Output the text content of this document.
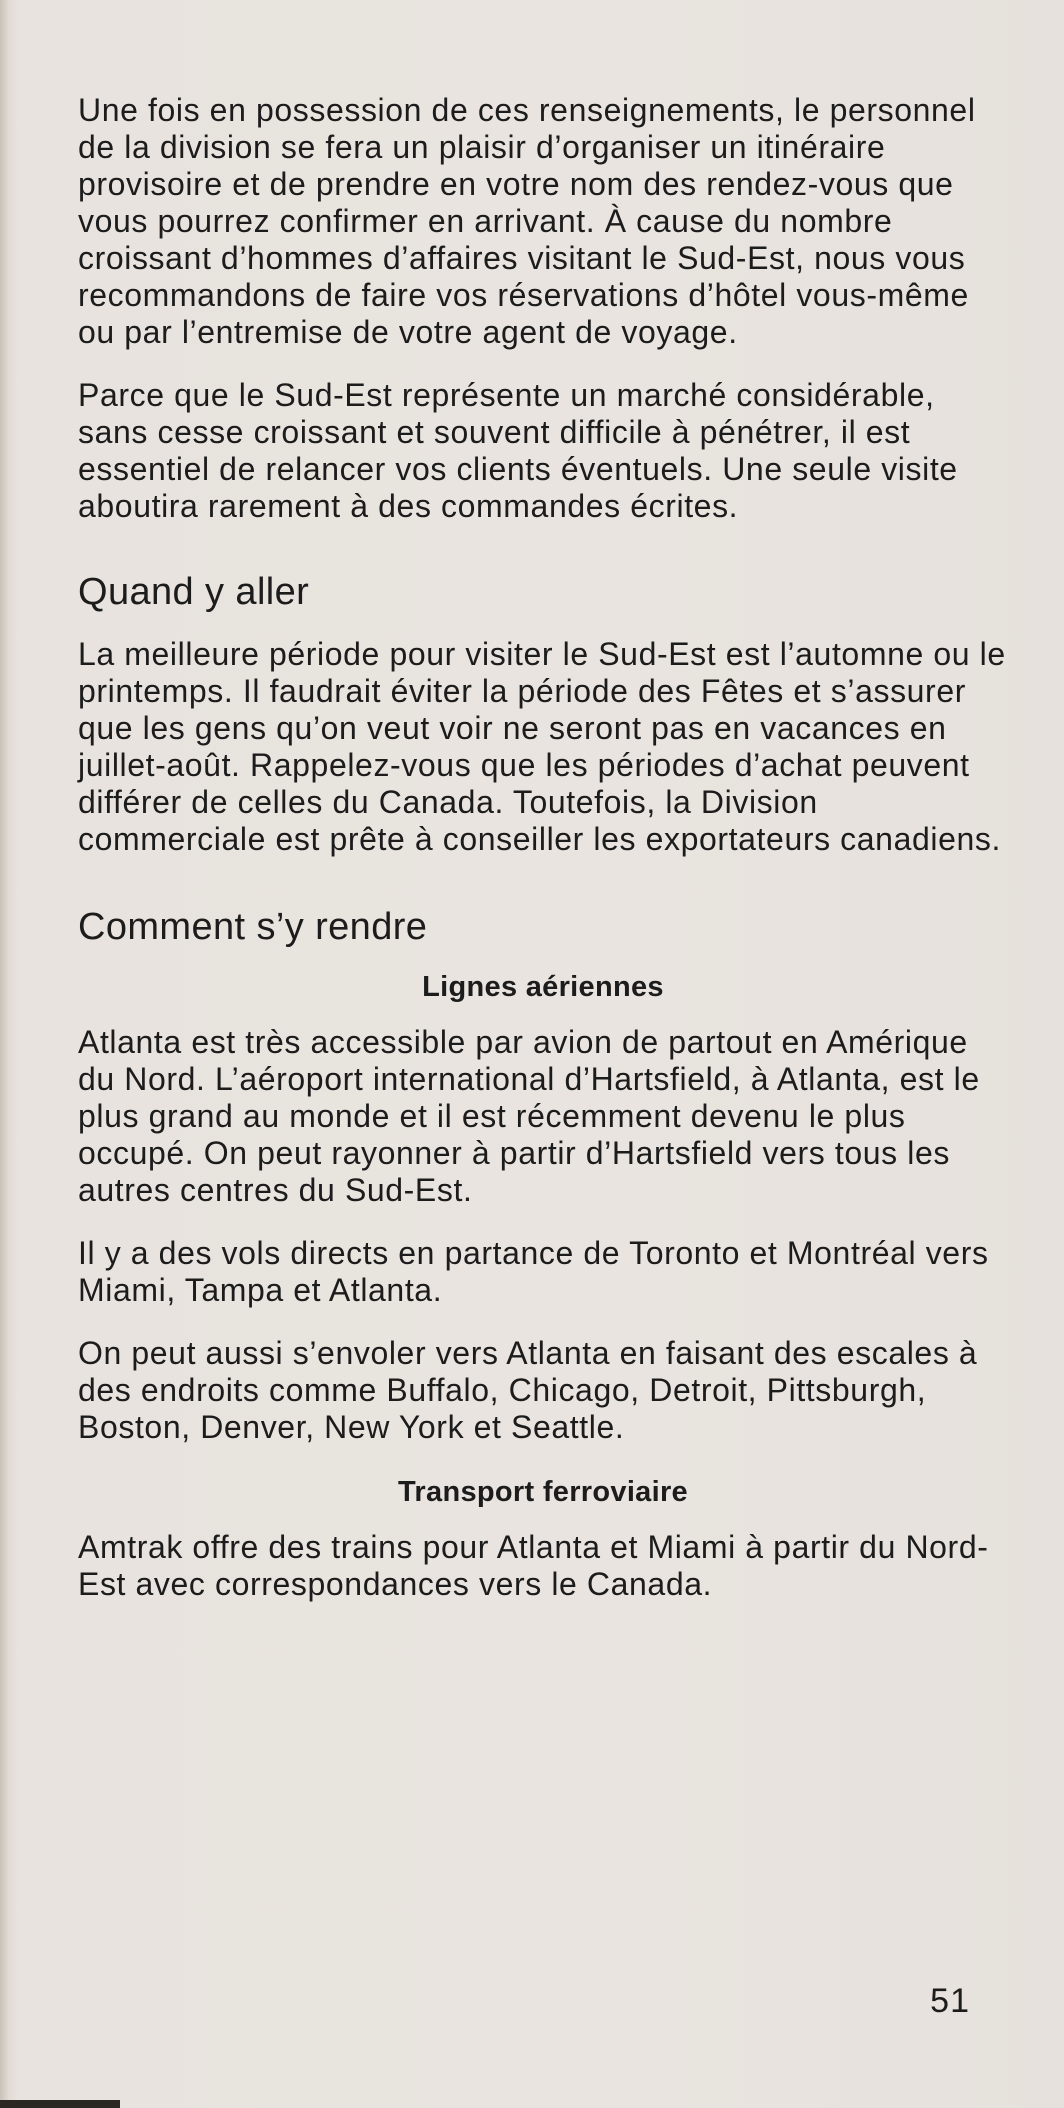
Une fois en possession de ces renseignements, le personnel de la division se fera un plaisir d’organiser un itinéraire provisoire et de prendre en votre nom des rendez-vous que vous pourrez confirmer en arrivant. À cause du nombre croissant d’hommes d’affaires visitant le Sud-Est, nous vous recommandons de faire vos réservations d’hôtel vous-même ou par l’entremise de votre agent de voyage.

Parce que le Sud-Est représente un marché considérable, sans cesse croissant et souvent difficile à pénétrer, il est essentiel de relancer vos clients éventuels. Une seule visite aboutira rarement à des commandes écrites.

Quand y aller

La meilleure période pour visiter le Sud-Est est l’automne ou le printemps. Il faudrait éviter la période des Fêtes et s’assurer que les gens qu’on veut voir ne seront pas en vacances en juillet-août. Rappelez-vous que les périodes d’achat peuvent différer de celles du Canada. Toutefois, la Division commerciale est prête à conseiller les exportateurs canadiens.

Comment s’y rendre
Lignes aériennes

Atlanta est très accessible par avion de partout en Amérique du Nord. L’aéroport international d’Hartsfield, à Atlanta, est le plus grand au monde et il est récemment devenu le plus occupé. On peut rayonner à partir d’Hartsfield vers tous les autres centres du Sud-Est.

Il y a des vols directs en partance de Toronto et Montréal vers Miami, Tampa et Atlanta.

On peut aussi s’envoler vers Atlanta en faisant des escales à des endroits comme Buffalo, Chicago, Detroit, Pittsburgh, Boston, Denver, New York et Seattle.

Transport ferroviaire

Amtrak offre des trains pour Atlanta et Miami à partir du Nord-Est avec correspondances vers le Canada.

51
